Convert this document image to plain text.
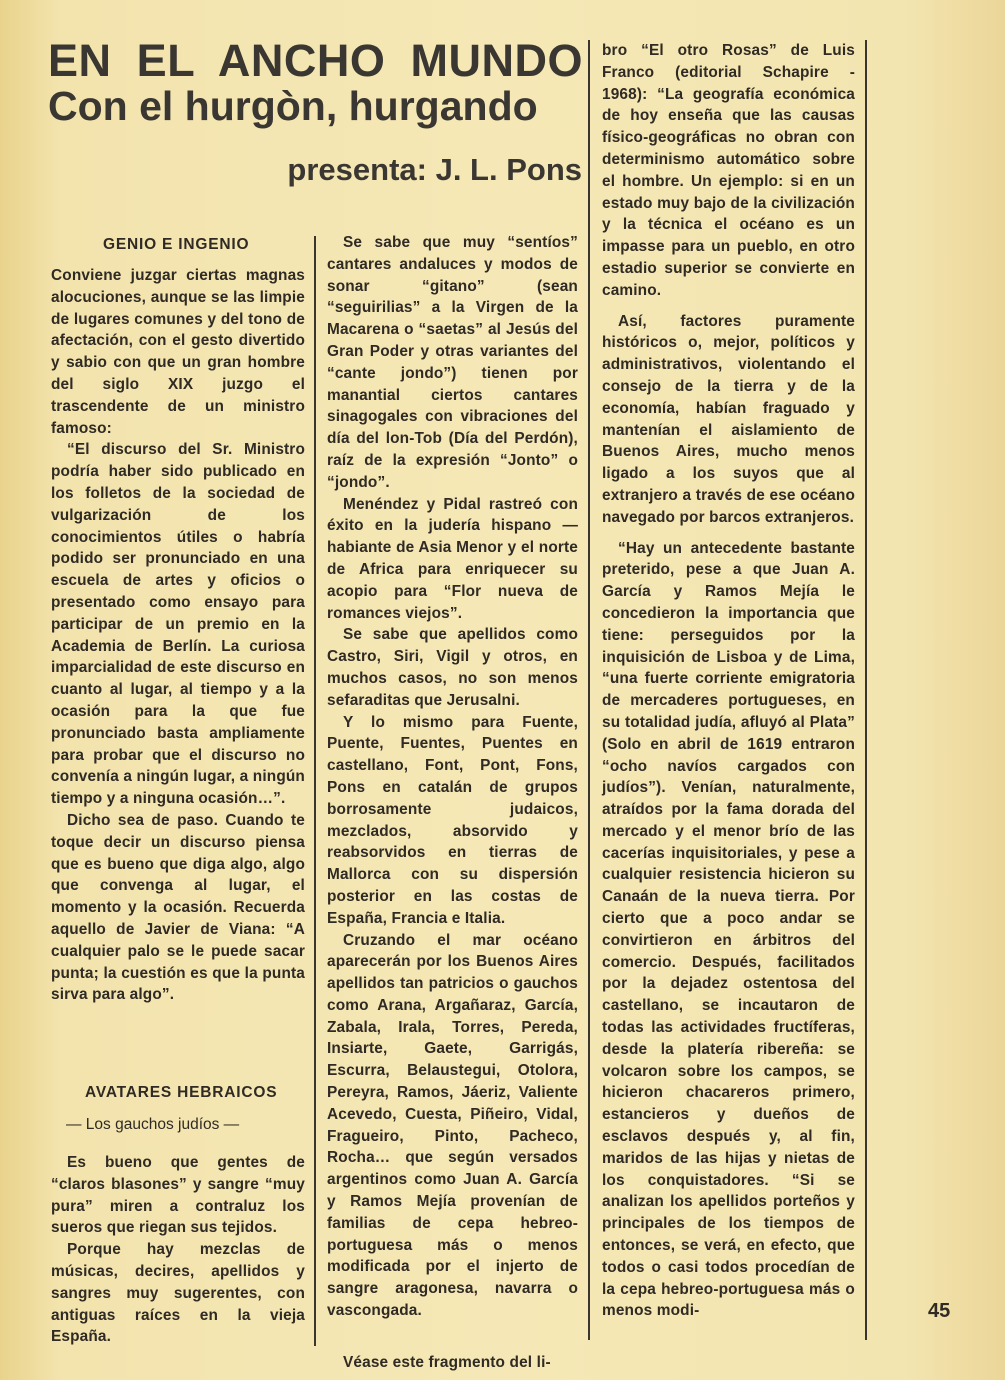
EN EL ANCHO MUNDO
Con el hurgòn, hurgando
presenta: J. L. Pons
GENIO E INGENIO

Conviene juzgar ciertas magnas alocuciones, aunque se las limpie de lugares comunes y del tono de afectación, con el gesto divertido y sabio con que un gran hombre del siglo XIX juzgo el trascendente de un ministro famoso:

“El discurso del Sr. Ministro podría haber sido publicado en los folletos de la sociedad de vulgarización de los conocimientos útiles o habría podido ser pronunciado en una escuela de artes y oficios o presentado como ensayo para participar de un premio en la Academia de Berlín. La curiosa imparcialidad de este discurso en cuanto al lugar, al tiempo y a la ocasión para la que fue pronunciado basta ampliamente para probar que el discurso no convenía a ningún lugar, a ningún tiempo y a ninguna ocasión…”.

Dicho sea de paso. Cuando te toque decir un discurso piensa que es bueno que diga algo, algo que convenga al lugar, el momento y la ocasión. Recuerda aquello de Javier de Viana: “A cualquier palo se le puede sacar punta; la cuestión es que la punta sirva para algo”.

AVATARES HEBRAICOS
— Los gauchos judíos —

Es bueno que gentes de “claros blasones” y sangre “muy pura” miren a contraluz los sueros que riegan sus tejidos.

Porque hay mezclas de músicas, decires, apellidos y sangres muy sugerentes, con antiguas raíces en la vieja España.

Se sabe que muy “sentíos” cantares andaluces y modos de sonar “gitano” (sean “seguirilias” a la Virgen de la Macarena o “saetas” al Jesús del Gran Poder y otras variantes del “cante jondo”) tienen por manantial ciertos cantares sinagogales con vibraciones del día del lon-Tob (Día del Perdón), raíz de la expresión “Jonto” o “jondo”.

Menéndez y Pidal rastreó con éxito en la judería hispano — habiante de Asia Menor y el norte de Africa para enriquecer su acopio para “Flor nueva de romances viejos”.

Se sabe que apellidos como Castro, Siri, Vigil y otros, en muchos casos, no son menos sefaraditas que Jerusalni.

Y lo mismo para Fuente, Puente, Fuentes, Puentes en castellano, Font, Pont, Fons, Pons en catalán de grupos borrosamente judaicos, mezclados, absorvido y reabsorvidos en tierras de Mallorca con su dispersión posterior en las costas de España, Francia e Italia.

Cruzando el mar océano aparecerán por los Buenos Aires apellidos tan patricios o gauchos como Arana, Argañaraz, García, Zabala, Irala, Torres, Pereda, Insiarte, Gaete, Garrigás, Escurra, Belaustegui, Otolora, Pereyra, Ramos, Jáeriz, Valiente Acevedo, Cuesta, Piñeiro, Vidal, Fragueiro, Pinto, Pacheco, Rocha… que según versados argentinos como Juan A. García y Ramos Mejía provenían de familias de cepa hebreo-portuguesa más o menos modificada por el injerto de sangre aragonesa, navarra o vascongada.

Véase este fragmento del li-

bro “El otro Rosas” de Luis Franco (editorial Schapire - 1968): “La geografía económica de hoy enseña que las causas físico-geográficas no obran con determinismo automático sobre el hombre. Un ejemplo: si en un estado muy bajo de la civilización y la técnica el océano es un impasse para un pueblo, en otro estadio superior se convierte en camino.

Así, factores puramente históricos o, mejor, políticos y administrativos, violentando el consejo de la tierra y de la economía, habían fraguado y mantenían el aislamiento de Buenos Aires, mucho menos ligado a los suyos que al extranjero a través de ese océano navegado por barcos extranjeros.

“Hay un antecedente bastante preterido, pese a que Juan A. García y Ramos Mejía le concedieron la importancia que tiene: perseguidos por la inquisición de Lisboa y de Lima, “una fuerte corriente emigratoria de mercaderes portugueses, en su totalidad judía, afluyó al Plata” (Solo en abril de 1619 entraron “ocho navíos cargados con judíos”). Venían, naturalmente, atraídos por la fama dorada del mercado y el menor brío de las cacerías inquisitoriales, y pese a cualquier resistencia hicieron su Canaán de la nueva tierra. Por cierto que a poco andar se convirtieron en árbitros del comercio. Después, facilitados por la dejadez ostentosa del castellano, se incautaron de todas las actividades fructíferas, desde la platería ribereña: se volcaron sobre los campos, se hicieron chacareros primero, estancieros y dueños de esclavos después y, al fin, maridos de las hijas y nietas de los conquistadores. “Si se analizan los apellidos porteños y principales de los tiempos de entonces, se verá, en efecto, que todos o casi todos procedían de la cepa hebreo-portuguesa más o menos modi-	45
